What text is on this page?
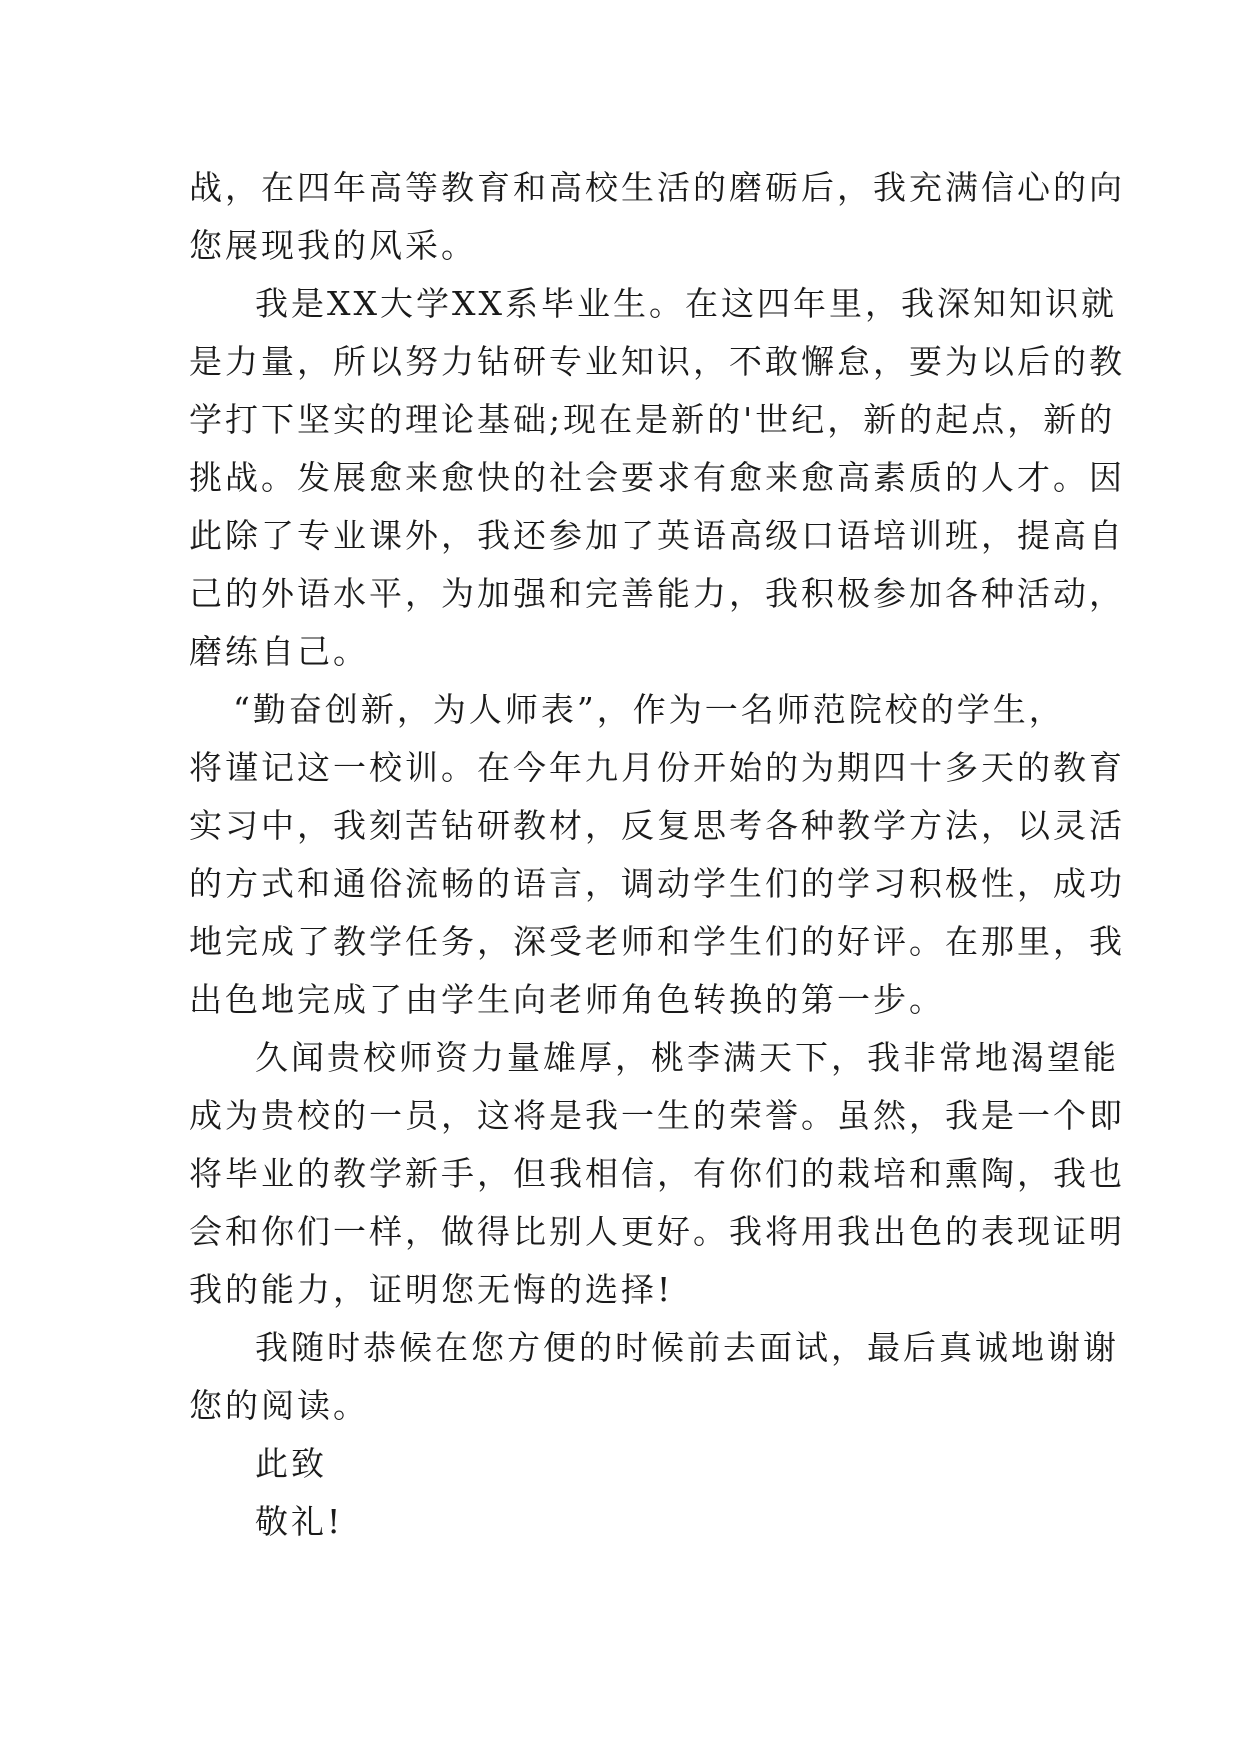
战，在四年高等教育和高校生活的磨砺后，我充满信心的向
您展现我的风采。
我是XX大学XX系毕业生。在这四年里，我深知知识就
是力量，所以努力钻研专业知识，不敢懈怠，要为以后的教
学打下坚实的理论基础;现在是新的'世纪，新的起点，新的
挑战。发展愈来愈快的社会要求有愈来愈高素质的人才。因
此除了专业课外，我还参加了英语高级口语培训班，提高自
己的外语水平，为加强和完善能力，我积极参加各种活动，
磨练自己。
“勤奋创新，为人师表”，作为一名师范院校的学生，
将谨记这一校训。在今年九月份开始的为期四十多天的教育
实习中，我刻苦钻研教材，反复思考各种教学方法，以灵活
的方式和通俗流畅的语言，调动学生们的学习积极性，成功
地完成了教学任务，深受老师和学生们的好评。在那里，我
出色地完成了由学生向老师角色转换的第一步。
久闻贵校师资力量雄厚，桃李满天下，我非常地渴望能
成为贵校的一员，这将是我一生的荣誉。虽然，我是一个即
将毕业的教学新手，但我相信，有你们的栽培和熏陶，我也
会和你们一样，做得比别人更好。我将用我出色的表现证明
我的能力，证明您无悔的选择!
我随时恭候在您方便的时候前去面试，最后真诚地谢谢
您的阅读。
此致
敬礼!
